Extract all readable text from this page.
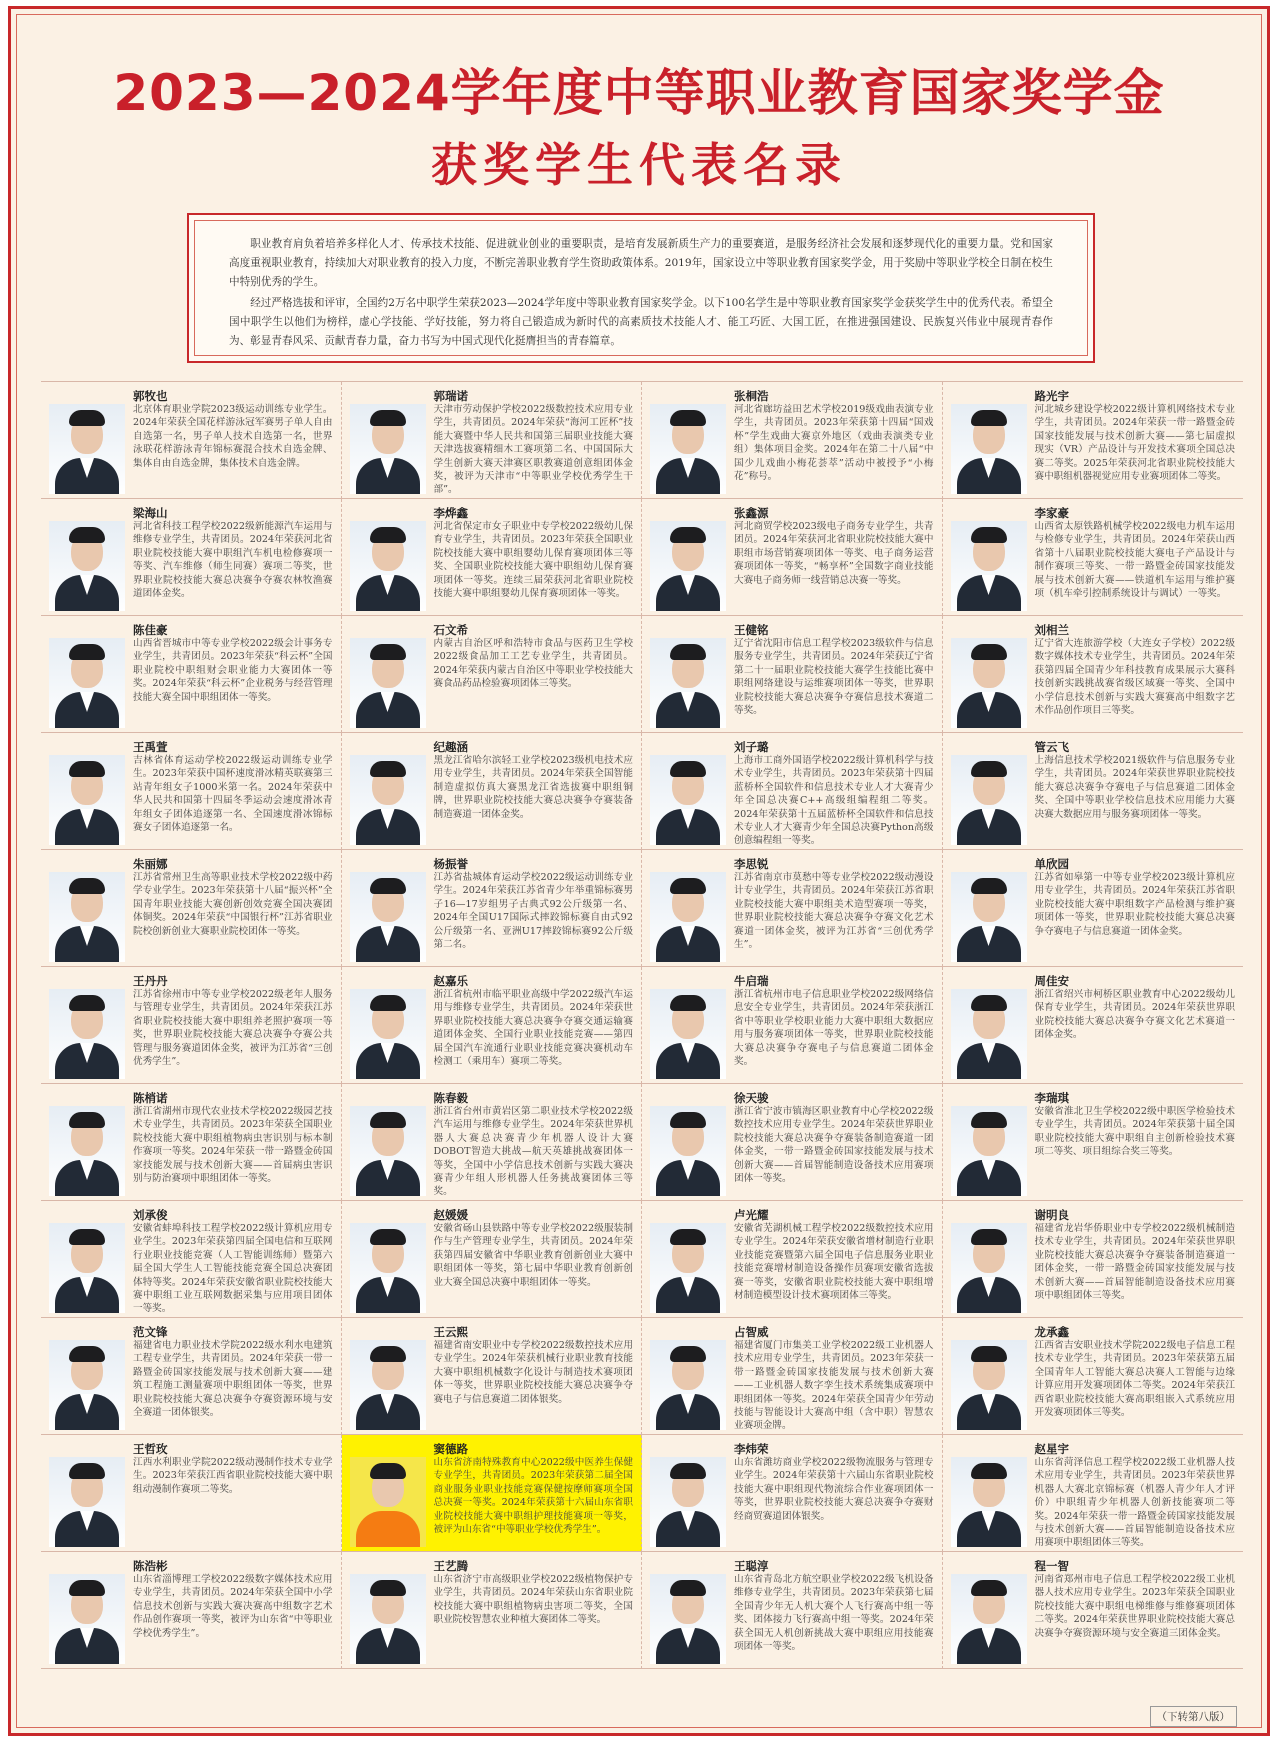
2023—2024学年度中等职业教育国家奖学金
获奖学生代表名录

职业教育肩负着培养多样化人才、传承技术技能、促进就业创业的重要职责，是培育发展新质生产力的重要赛道，是服务经济社会发展和逐梦现代化的重要力量。党和国家高度重视职业教育，持续加大对职业教育的投入力度，不断完善职业教育学生资助政策体系。2019年，国家设立中等职业教育国家奖学金，用于奖励中等职业学校全日制在校生中特别优秀的学生。

经过严格选拔和评审，全国约2万名中职学生荣获2023—2024学年度中等职业教育国家奖学金。以下100名学生是中等职业教育国家奖学金获奖学生中的优秀代表。希望全国中职学生以他们为榜样，虚心学技能、学好技能，努力将自己锻造成为新时代的高素质技术技能人才、能工巧匠、大国工匠，在推进强国建设、民族复兴伟业中展现青春作为、彰显青春风采、贡献青春力量，奋力书写为中国式现代化挺膺担当的青春篇章。

郭牧也
北京体育职业学院2023级运动训练专业学生。2024年荣获全国花样游泳冠军赛男子单人自由自选第一名，男子单人技术自选第一名，世界泳联花样游泳青年锦标赛混合技术自选金牌、集体自由自选金牌，集体技术自选金牌。
郭瑞诺
天津市劳动保护学校2022级数控技术应用专业学生，共青团员。2024年荣获“海河工匠杯”技能大赛暨中华人民共和国第三届职业技能大赛天津选拔赛精细木工赛项第二名、中国国际大学生创新大赛天津赛区职教赛道创意组团体金奖，被评为天津市“中等职业学校优秀学生干部”。
张桐浩
河北省廊坊益田艺术学校2019级戏曲表演专业学生，共青团员。2023年荣获第十四届“国戏杯”学生戏曲大赛京外地区（戏曲表演类专业组）集体项目金奖。2024年在第二十八届“中国少儿戏曲小梅花荟萃”活动中被授予“小梅花”称号。
路光宇
河北城乡建设学校2022级计算机网络技术专业学生，共青团员。2024年荣获一带一路暨金砖国家技能发展与技术创新大赛——第七届虚拟现实（VR）产品设计与开发技术赛项全国总决赛二等奖。2025年荣获河北省职业院校技能大赛中职组机器视觉应用专业赛项团体二等奖。
梁海山
河北省科技工程学校2022级新能源汽车运用与维修专业学生，共青团员。2024年荣获河北省职业院校技能大赛中职组汽车机电检修赛项一等奖、汽车维修（师生同赛）赛项二等奖，世界职业院校技能大赛总决赛争夺赛农林牧渔赛道团体金奖。
李烨鑫
河北省保定市女子职业中专学校2022级幼儿保育专业学生，共青团员。2023年荣获全国职业院校技能大赛中职组婴幼儿保育赛项团体三等奖、全国职业院校技能大赛中职组幼儿保育赛项团体一等奖。连续三届荣获河北省职业院校技能大赛中职组婴幼儿保育赛项团体一等奖。
张鑫源
河北商贸学校2023级电子商务专业学生，共青团员。2024年荣获河北省职业院校技能大赛中职组市场营销赛项团体一等奖、电子商务运营赛项团体一等奖，“畅享杯”全国数字商业技能大赛电子商务师一线营销总决赛一等奖。
李家豪
山西省太原铁路机械学校2022级电力机车运用与检修专业学生，共青团员。2024年荣获山西省第十八届职业院校技能大赛电子产品设计与制作赛项三等奖、一带一路暨金砖国家技能发展与技术创新大赛——铁道机车运用与维护赛项（机车牵引控制系统设计与调试）一等奖。
陈佳豪
山西省晋城市中等专业学校2022级会计事务专业学生，共青团员。2023年荣获“科云杯”全国职业院校中职组财会职业能力大赛团体一等奖。2024年荣获“科云杯”企业税务与经营管理技能大赛全国中职组团体一等奖。
石文希
内蒙古自治区呼和浩特市食品与医药卫生学校2022级食品加工工艺专业学生，共青团员。2024年荣获内蒙古自治区中等职业学校技能大赛食品药品检验赛项团体三等奖。
王健铭
辽宁省沈阳市信息工程学校2023级软件与信息服务专业学生，共青团员。2024年荣获辽宁省第二十一届职业院校技能大赛学生技能比赛中职组网络建设与运维赛项团体一等奖，世界职业院校技能大赛总决赛争夺赛信息技术赛道二等奖。
刘相兰
辽宁省大连旅游学校（大连女子学校）2022级数字媒体技术专业学生，共青团员。2024年荣获第四届全国青少年科技教育成果展示大赛科技创新实践挑战赛省级区域赛一等奖、全国中小学信息技术创新与实践大赛赛高中组数字艺术作品创作项目三等奖。
王禹萱
吉林省体育运动学校2022级运动训练专业学生。2023年荣获中国杯速度滑冰精英联赛第三站青年组女子1000米第一名。2024年荣获中华人民共和国第十四届冬季运动会速度滑冰青年组女子团体追逐第一名、全国速度滑冰锦标赛女子团体追逐第一名。
纪趣涵
黑龙江省哈尔滨轻工业学校2023级机电技术应用专业学生，共青团员。2024年荣获全国智能制造虚拟仿真大赛黑龙江省选拔赛中职组铜牌，世界职业院校技能大赛总决赛争夺赛装备制造赛道一团体金奖。
刘子璐
上海市工商外国语学校2022级计算机科学与技术专业学生，共青团员。2023年荣获第十四届蓝桥杯全国软件和信息技术专业人才大赛青少年全国总决赛C++高级组编程组二等奖。2024年荣获第十五届蓝桥杯全国软件和信息技术专业人才大赛青少年全国总决赛Python高级创意编程组一等奖。
管云飞
上海信息技术学校2021级软件与信息服务专业学生，共青团员。2024年荣获世界职业院校技能大赛总决赛争夺赛电子与信息赛道二团体金奖、全国中等职业学校信息技术应用能力大赛决赛大数据应用与服务赛项团体一等奖。
朱丽娜
江苏省常州卫生高等职业技术学校2022级中药学专业学生。2023年荣获第十八届“振兴杯”全国青年职业技能大赛创新创效竞赛全国决赛团体铜奖。2024年荣获“中国银行杯”江苏省职业院校创新创业大赛职业院校团体一等奖。
杨振誉
江苏省盐城体育运动学校2022级运动训练专业学生。2024年荣获江苏省青少年举重锦标赛男子16—17岁组男子古典式92公斤级第一名、2024年全国U17国际式摔跤锦标赛自由式92公斤级第一名、亚洲U17摔跤锦标赛92公斤级第二名。
李思锐
江苏省南京市莫愁中等专业学校2022级动漫设计专业学生，共青团员。2024年荣获江苏省职业院校技能大赛中职组美术造型赛项一等奖，世界职业院校技能大赛总决赛争夺赛文化艺术赛道一团体金奖，被评为江苏省“三创优秀学生”。
单欣园
江苏省如皋第一中等专业学校2023级计算机应用专业学生，共青团员。2024年荣获江苏省职业院校技能大赛中职组数字产品检测与维护赛项团体一等奖，世界职业院校技能大赛总决赛争夺赛电子与信息赛道一团体金奖。
王丹丹
江苏省徐州市中等专业学校2022级老年人服务与管理专业学生，共青团员。2024年荣获江苏省职业院校技能大赛中职组养老照护赛项一等奖，世界职业院校技能大赛总决赛争夺赛公共管理与服务赛道团体金奖，被评为江苏省“三创优秀学生”。
赵嘉乐
浙江省杭州市临平职业高级中学2022级汽车运用与维修专业学生，共青团员。2024年荣获世界职业院校技能大赛总决赛争夺赛交通运输赛道团体金奖、全国行业职业技能竞赛——第四届全国汽车流通行业职业技能竞赛决赛机动车检测工（乘用车）赛项二等奖。
牛启瑞
浙江省杭州市电子信息职业学校2022级网络信息安全专业学生，共青团员。2024年荣获浙江省中等职业学校职业能力大赛中职组大数据应用与服务赛项团体一等奖，世界职业院校技能大赛总决赛争夺赛电子与信息赛道二团体金奖。
周佳安
浙江省绍兴市柯桥区职业教育中心2022级幼儿保育专业学生，共青团员。2024年荣获世界职业院校技能大赛总决赛争夺赛文化艺术赛道一团体金奖。
陈梢诺
浙江省湖州市现代农业技术学校2022级园艺技术专业学生，共青团员。2023年荣获全国职业院校技能大赛中职组植物病虫害识别与标本制作赛项一等奖。2024年荣获一带一路暨金砖国家技能发展与技术创新大赛——首届病虫害识别与防治赛项中职组团体一等奖。
陈春毅
浙江省台州市黄岩区第二职业技术学校2022级汽车运用与维修专业学生。2024年荣获世界机器人大赛总决赛青少年机器人设计大赛DOBOT智造大挑战—航天英雄挑战赛团体一等奖，全国中小学信息技术创新与实践大赛决赛青少年组人形机器人任务挑战赛团体三等奖。
徐天骏
浙江省宁波市镇海区职业教育中心学校2022级数控技术应用专业学生。2024年荣获世界职业院校技能大赛总决赛争夺赛装备制造赛道一团体金奖，一带一路暨金砖国家技能发展与技术创新大赛——首届智能制造设备技术应用赛项团体一等奖。
李瑞琪
安徽省淮北卫生学校2022级中职医学检验技术专业学生，共青团员。2024年荣获第十届全国职业院校技能大赛中职组自主创新检验技术赛项二等奖、项目组综合奖三等奖。
刘承俊
安徽省蚌埠科技工程学校2022级计算机应用专业学生。2023年荣获第四届全国电信和互联网行业职业技能竞赛（人工智能训练师）暨第六届全国大学生人工智能技能竞赛全国总决赛团体特等奖。2024年荣获安徽省职业院校技能大赛中职组工业互联网数据采集与应用项目团体一等奖。
赵媛媛
安徽省砀山县铁路中等专业学校2022级服装制作与生产管理专业学生，共青团员。2024年荣获第四届安徽省中华职业教育创新创业大赛中职组团体一等奖，第七届中华职业教育创新创业大赛全国总决赛中职组团体一等奖。
卢光耀
安徽省芜湖机械工程学校2022级数控技术应用专业学生。2024年荣获安徽省增材制造行业职业技能竞赛暨第六届全国电子信息服务业职业技能竞赛增材制造设备操作员赛项安徽省选拔赛一等奖，安徽省职业院校技能大赛中职组增材制造模型设计技术赛项团体三等奖。
谢明良
福建省龙岩华侨职业中专学校2022级机械制造技术专业学生，共青团员。2024年荣获世界职业院校技能大赛总决赛争夺赛装备制造赛道一团体金奖，一带一路暨金砖国家技能发展与技术创新大赛——首届智能制造设备技术应用赛项中职组团体三等奖。
范文锋
福建省电力职业技术学院2022级水利水电建筑工程专业学生，共青团员。2024年荣获一带一路暨金砖国家技能发展与技术创新大赛——建筑工程施工测量赛项中职组团体一等奖，世界职业院校技能大赛总决赛争夺赛资源环境与安全赛道一团体银奖。
王云熙
福建省南安职业中专学校2022级数控技术应用专业学生。2024年荣获机械行业职业教育技能大赛中职组机械数字化设计与制造技术赛项团体一等奖，世界职业院校技能大赛总决赛争夺赛电子与信息赛道二团体银奖。
占智威
福建省厦门市集美工业学校2022级工业机器人技术应用专业学生，共青团员。2023年荣获一带一路暨金砖国家技能发展与技术创新大赛——工业机器人数字孪生技术系统集成赛项中职组团体一等奖。2024年荣获全国青少年劳动技能与智能设计大赛高中组（含中职）智慧农业赛项金牌。
龙承鑫
江西省吉安职业技术学院2022级电子信息工程技术专业学生，共青团员。2023年荣获第五届全国青年人工智能大赛总决赛人工智能与边缘计算应用开发赛项团体二等奖。2024年荣获江西省职业院校技能大赛高职组嵌入式系统应用开发赛项团体三等奖。
王哲玫
江西水利职业学院2022级动漫制作技术专业学生。2023年荣获江西省职业院校技能大赛中职组动漫制作赛项二等奖。
窦德路
山东省济南特殊教育中心2022级中医养生保健专业学生，共青团员。2023年荣获第二届全国商业服务业职业技能竞赛保健按摩师赛项全国总决赛一等奖。2024年荣获第十六届山东省职业院校技能大赛中职组护理技能赛项一等奖，被评为山东省“中等职业学校优秀学生”。
李炜荣
山东省潍坊商业学校2022级物流服务与管理专业学生。2024年荣获第十六届山东省职业院校技能大赛中职组现代物流综合作业赛项团体一等奖，世界职业院校技能大赛总决赛争夺赛财经商贸赛道团体银奖。
赵星宇
山东省菏泽信息工程学校2022级工业机器人技术应用专业学生，共青团员。2023年荣获世界机器人大赛北京锦标赛（机器人青少年人才评价）中职组青少年机器人创新技能赛项二等奖。2024年荣获一带一路暨金砖国家技能发展与技术创新大赛——首届智能制造设备技术应用赛项中职组团体三等奖。
陈浩彬
山东省淄博理工学校2022级数字媒体技术应用专业学生，共青团员。2024年荣获全国中小学信息技术创新与实践大赛决赛高中组数字艺术作品创作赛项一等奖，被评为山东省“中等职业学校优秀学生”。
王艺腾
山东省济宁市高级职业学校2022级植物保护专业学生，共青团员。2024年荣获山东省职业院校技能大赛中职组植物病虫害项二等奖，全国职业院校智慧农业种植大赛团体二等奖。
王聪淳
山东省青岛北方航空职业学校2022级飞机设备维修专业学生，共青团员。2023年荣获第七届全国青少年无人机大赛个人飞行赛高中组一等奖、团体接力飞行赛高中组一等奖。2024年荣获全国无人机创新挑战大赛中职组应用技能赛项团体一等奖。
程一智
河南省郑州市电子信息工程学校2022级工业机器人技术应用专业学生。2023年荣获全国职业院校技能大赛中职组电梯维修与维修赛项团体二等奖。2024年荣获世界职业院校技能大赛总决赛争夺赛资源环境与安全赛道三团体金奖。
（下转第八版）
